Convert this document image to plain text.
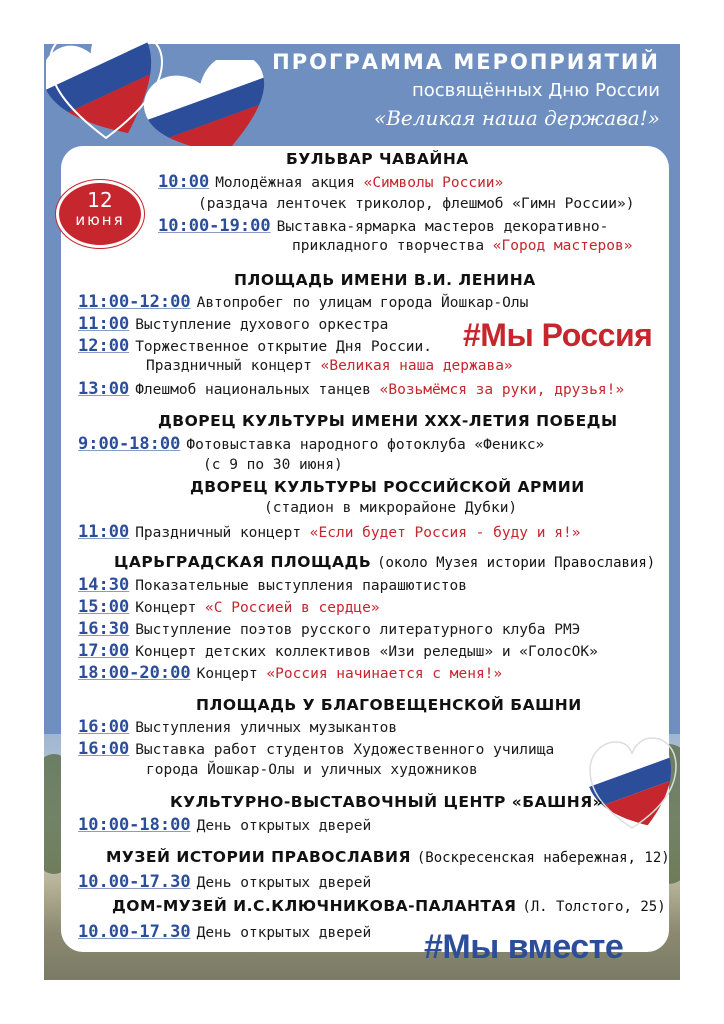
ПРОГРАММА МЕРОПРИЯТИЙ
посвящённых Дню России
«Великая наша держава!»
12
июня
БУЛЬВАР ЧАВАЙНА
10:00 Молодёжная акция «Символы России»
(раздача ленточек триколор, флешмоб «Гимн России»)
10:00-19:00 Выставка-ярмарка мастеров декоративно-
прикладного творчества «Город мастеров»
ПЛОЩАДЬ ИМЕНИ В.И. ЛЕНИНА
11:00-12:00 Автопробег по улицам города Йошкар-Олы
11:00 Выступление духового оркестра
12:00 Торжественное открытие Дня России.
Праздничный концерт «Великая наша держава»
13:00 Флешмоб национальных танцев «Возьмёмся за руки, друзья!»
#Мы Россия
ДВОРЕЦ КУЛЬТУРЫ ИМЕНИ ХХХ-ЛЕТИЯ ПОБЕДЫ
9:00-18:00 Фотовыставка народного фотоклуба «Феникс»
(с 9 по 30 июня)
ДВОРЕЦ КУЛЬТУРЫ РОССИЙСКОЙ АРМИИ
(стадион в микрорайоне Дубки)
11:00 Праздничный концерт «Если будет Россия - буду и я!»
ЦАРЬГРАДСКАЯ ПЛОЩАДЬ (около Музея истории Православия)
14:30 Показательные выступления парашютистов
15:00 Концерт «С Россией в сердце»
16:30 Выступление поэтов русского литературного клуба РМЭ
17:00 Концерт детских коллективов «Изи peледыш» и «ГолосОК»
18:00-20:00 Концерт «Россия начинается с меня!»
ПЛОЩАДЬ У БЛАГОВЕЩЕНСКОЙ БАШНИ
16:00 Выступления уличных музыкантов
16:00 Выставка работ студентов Художественного училища
города Йошкар-Олы и уличных художников
КУЛЬТУРНО-ВЫСТАВОЧНЫЙ ЦЕНТР «БАШНЯ»
10:00-18:00 День открытых дверей
МУЗЕЙ ИСТОРИИ ПРАВОСЛАВИЯ (Воскресенская набережная, 12)
10.00-17.30 День открытых дверей
ДОМ-МУЗЕЙ И.С.КЛЮЧНИКОВА-ПАЛАНТАЯ (Л. Толстого, 25)
10.00-17.30 День открытых дверей #Мы вместе
